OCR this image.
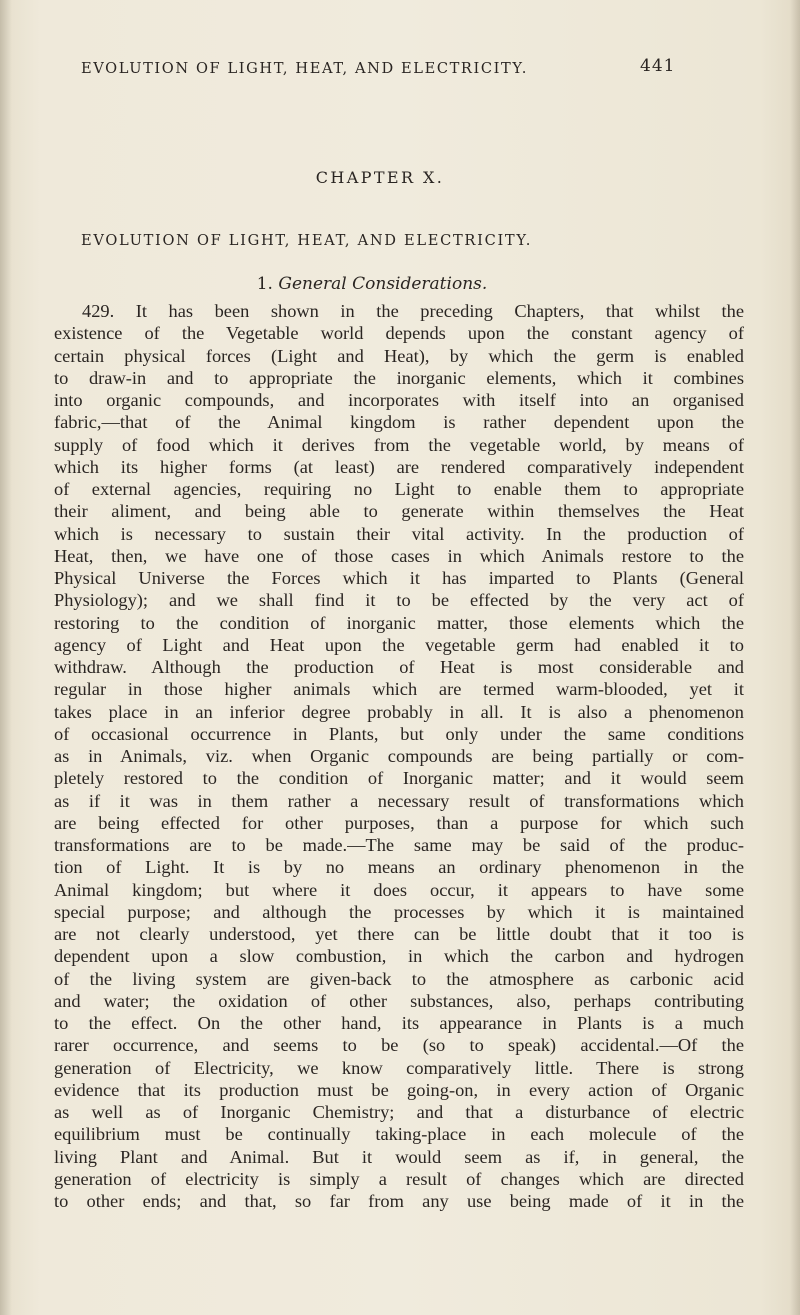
EVOLUTION OF LIGHT, HEAT, AND ELECTRICITY.	441
CHAPTER X.
EVOLUTION OF LIGHT, HEAT, AND ELECTRICITY.
1. General Considerations.
429. It has been shown in the preceding Chapters, that whilst the
existence of the Vegetable world depends upon the constant agency of
certain physical forces (Light and Heat), by which the germ is enabled
to draw-in and to appropriate the inorganic elements, which it combines
into organic compounds, and incorporates with itself into an organised
fabric,—that of the Animal kingdom is rather dependent upon the
supply of food which it derives from the vegetable world, by means of
which its higher forms (at least) are rendered comparatively independent
of external agencies, requiring no Light to enable them to appropriate
their aliment, and being able to generate within themselves the Heat
which is necessary to sustain their vital activity. In the production of
Heat, then, we have one of those cases in which Animals restore to the
Physical Universe the Forces which it has imparted to Plants (General
Physiology); and we shall find it to be effected by the very act of
restoring to the condition of inorganic matter, those elements which the
agency of Light and Heat upon the vegetable germ had enabled it to
withdraw. Although the production of Heat is most considerable and
regular in those higher animals which are termed warm-blooded, yet it
takes place in an inferior degree probably in all. It is also a phenomenon
of occasional occurrence in Plants, but only under the same conditions
as in Animals, viz. when Organic compounds are being partially or com-
pletely restored to the condition of Inorganic matter; and it would seem
as if it was in them rather a necessary result of transformations which
are being effected for other purposes, than a purpose for which such
transformations are to be made.—The same may be said of the produc-
tion of Light. It is by no means an ordinary phenomenon in the
Animal kingdom; but where it does occur, it appears to have some
special purpose; and although the processes by which it is maintained
are not clearly understood, yet there can be little doubt that it too is
dependent upon a slow combustion, in which the carbon and hydrogen
of the living system are given-back to the atmosphere as carbonic acid
and water; the oxidation of other substances, also, perhaps contributing
to the effect. On the other hand, its appearance in Plants is a much
rarer occurrence, and seems to be (so to speak) accidental.—Of the
generation of Electricity, we know comparatively little. There is strong
evidence that its production must be going-on, in every action of Organic
as well as of Inorganic Chemistry; and that a disturbance of electric
equilibrium must be continually taking-place in each molecule of the
living Plant and Animal. But it would seem as if, in general, the
generation of electricity is simply a result of changes which are directed
to other ends; and that, so far from any use being made of it in the
